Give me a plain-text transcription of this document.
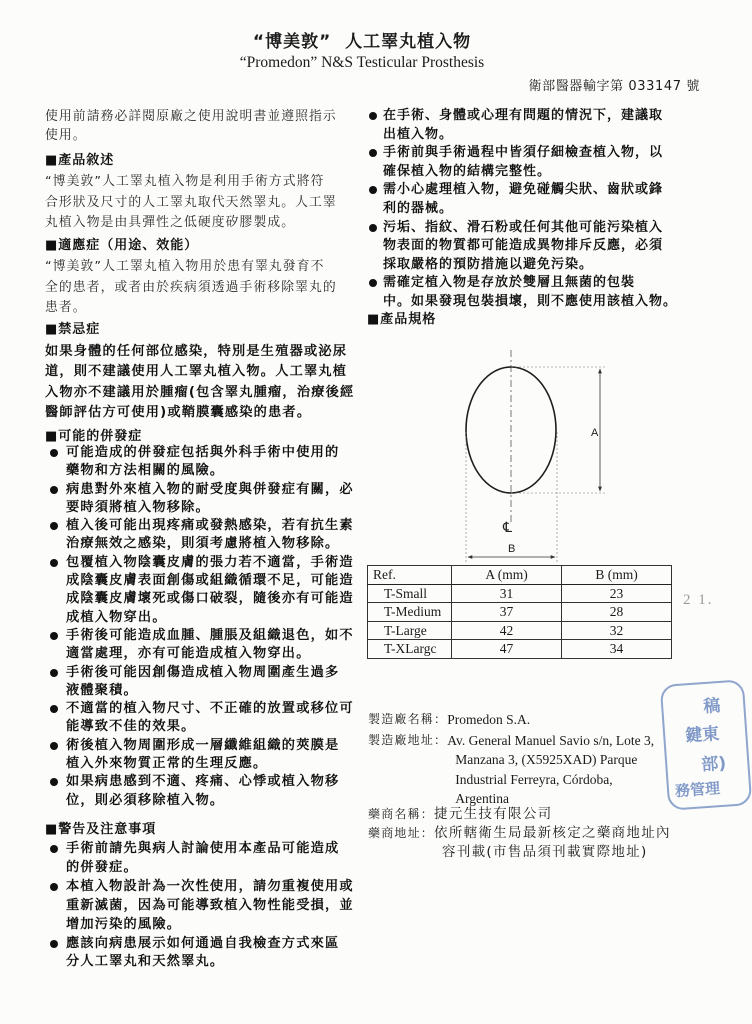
“博美敦”  人工睪丸植入物
“Promedon” N&S Testicular Prosthesis
衛部醫器輸字第 033147 號
使用前請務必詳閱原廠之使用說明書並遵照指示
使用。
■產品敘述
“博美敦”人工睪丸植入物是利用手術方式將符
合形狀及尺寸的人工睪丸取代天然睪丸。人工睪
丸植入物是由具彈性之低硬度矽膠製成。
■適應症（用途、效能）
“博美敦”人工睪丸植入物用於患有睪丸發育不
全的患者，或者由於疾病須透過手術移除睪丸的
患者。
■禁忌症
如果身體的任何部位感染，特別是生殖器或泌尿
道，則不建議使用人工睪丸植入物。人工睪丸植
入物亦不建議用於腫瘤(包含睪丸腫瘤，治療後經
醫師評估方可使用)或鞘膜囊感染的患者。
■可能的併發症
可能造成的併發症包括與外科手術中使用的
藥物和方法相關的風險。
病患對外來植入物的耐受度與併發症有關，必
要時須將植入物移除。
植入後可能出現疼痛或發熱感染，若有抗生素
治療無效之感染，則須考慮將植入物移除。
包覆植入物陰囊皮膚的張力若不適當，手術造
成陰囊皮膚表面創傷或組織循環不足，可能造
成陰囊皮膚壞死或傷口破裂，隨後亦有可能造
成植入物穿出。
手術後可能造成血腫、腫脹及組織退色，如不
適當處理，亦有可能造成植入物穿出。
手術後可能因創傷造成植入物周圍產生過多
液體聚積。
不適當的植入物尺寸、不正確的放置或移位可
能導致不佳的效果。
術後植入物周圍形成一層纖維組織的莢膜是
植入外來物質正常的生理反應。
如果病患感到不適、疼痛、心悸或植入物移
位，則必須移除植入物。
■警告及注意事項
手術前請先與病人討論使用本產品可能造成
的併發症。
本植入物設計為一次性使用，請勿重複使用或
重新滅菌，因為可能導致植入物性能受損，並
增加污染的風險。
應該向病患展示如何通過自我檢查方式來區
分人工睪丸和天然睪丸。
在手術、身體或心理有問題的情況下，建議取
出植入物。
手術前與手術過程中皆須仔細檢查植入物，以
確保植入物的結構完整性。
需小心處理植入物，避免碰觸尖狀、齒狀或鋒
利的器械。
污垢、指紋、滑石粉或任何其他可能污染植入
物表面的物質都可能造成異物排斥反應，必須
採取嚴格的預防措施以避免污染。
需確定植入物是存放於雙層且無菌的包裝
中。如果發現包裝損壞，則不應使用該植入物。
■產品規格
A
B
℄
Ref.	A (mm)	B (mm)
T-Small	31	23
T-Medium	37	28
T-Large	42	32
T-XLargc	47	34
2 1.
製造廠名稱： Promedon S.A.
製造廠地址： Av. General Manuel Savio s/n, Lote 3,
Manzana 3, (X5925XAD) Parque
Industrial Ferreyra, Córdoba,
Argentina
藥商名稱： 捷元生技有限公司
藥商地址： 依所轄衛生局最新核定之藥商地址內
容刊載(市售品須刊載實際地址)
稿
鍵東
部)
務管理
